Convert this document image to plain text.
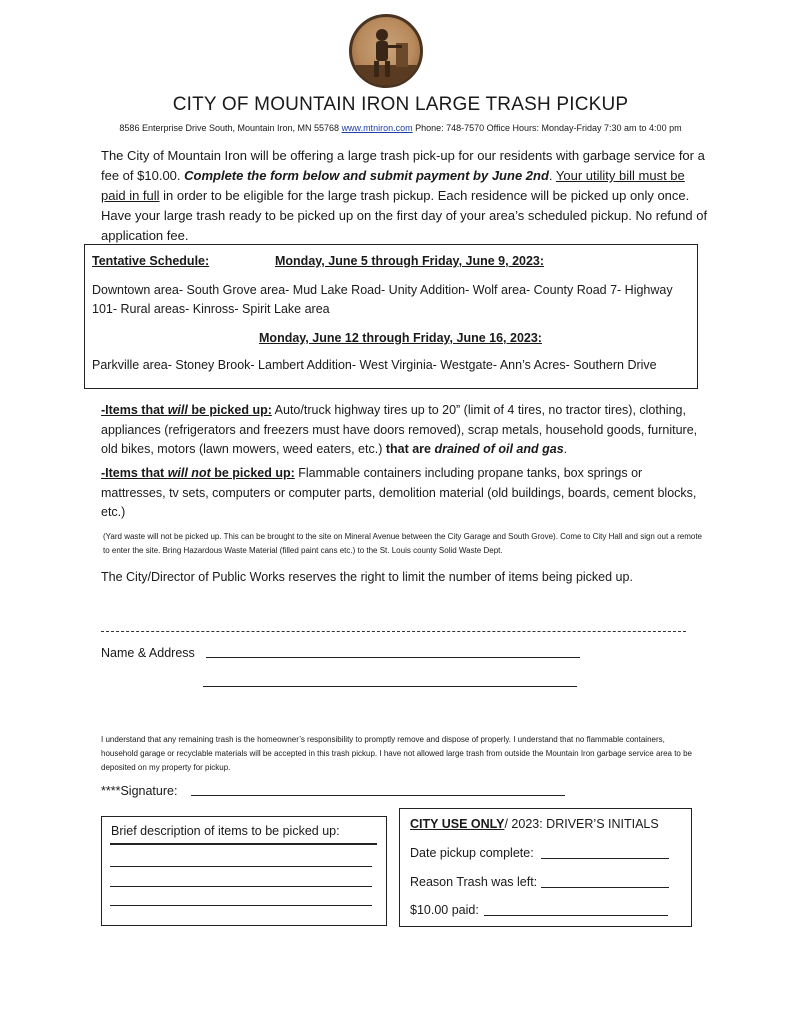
CITY OF MOUNTAIN IRON LARGE TRASH PICKUP
8586 Enterprise Drive South, Mountain Iron, MN 55768 www.mtniron.com Phone: 748-7570 Office Hours: Monday-Friday 7:30 am to 4:00 pm
The City of Mountain Iron will be offering a large trash pick-up for our residents with garbage service for a fee of $10.00. Complete the form below and submit payment by June 2nd. Your utility bill must be paid in full in order to be eligible for the large trash pickup. Each residence will be picked up only once. Have your large trash ready to be picked up on the first day of your area’s scheduled pickup. No refund of application fee.
Tentative Schedule:	Monday, June 5 through Friday, June 9, 2023:
Downtown area- South Grove area- Mud Lake Road- Unity Addition- Wolf area- County Road 7- Highway 101- Rural areas- Kinross- Spirit Lake area
Monday, June 12 through Friday, June 16, 2023:
Parkville area- Stoney Brook- Lambert Addition- West Virginia- Westgate- Ann’s Acres- Southern Drive
-Items that will be picked up: Auto/truck highway tires up to 20” (limit of 4 tires, no tractor tires), clothing, appliances (refrigerators and freezers must have doors removed), scrap metals, household goods, furniture, old bikes, motors (lawn mowers, weed eaters, etc.) that are drained of oil and gas.
-Items that will not be picked up: Flammable containers including propane tanks, box springs or mattresses, tv sets, computers or computer parts, demolition material (old buildings, boards, cement blocks, etc.)
(Yard waste will not be picked up. This can be brought to the site on Mineral Avenue between the City Garage and South Grove). Come to City Hall and sign out a remote to enter the site. Bring Hazardous Waste Material (filled paint cans etc.) to the St. Louis county Solid Waste Dept.
The City/Director of Public Works reserves the right to limit the number of items being picked up.
Name & Address
I understand that any remaining trash is the homeowner’s responsibility to promptly remove and dispose of properly. I understand that no flammable containers, household garage or recyclable materials will be accepted in this trash pickup. I have not allowed large trash from outside the Mountain Iron garbage service area to be deposited on my property for pickup.
****Signature:
Brief description of items to be picked up:	CITY USE ONLY/ 2023: DRIVER’S INITIALS
Date pickup complete:
Reason Trash was left:
$10.00 paid:
